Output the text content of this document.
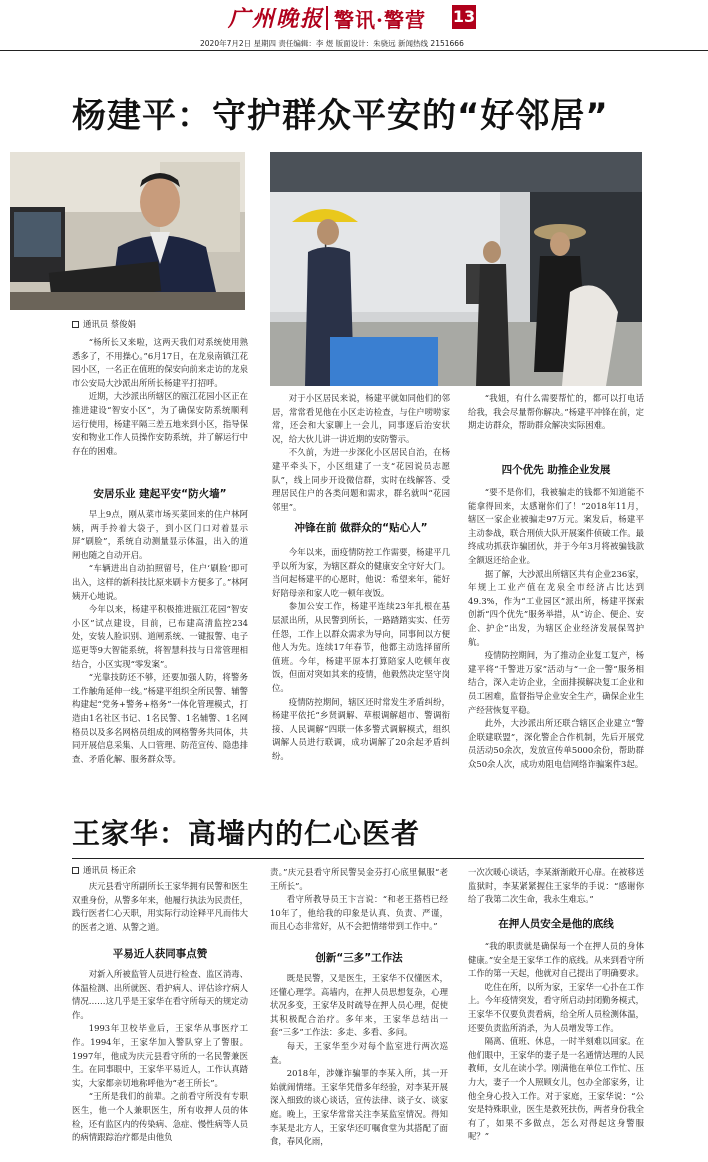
广州晚报 警讯·警营 13
2020年7月2日 星期四 责任编辑：李 煜 版面设计：朱骁远 新闻热线 2151666
杨建平：守护群众平安的“好邻居”
通讯员 蔡俊娟

“杨所长又来啦，这两天我们对系统使用熟悉多了，不用操心。”6月17日，在龙泉南镇江花园小区，一名正在值班的保安向前来走访的龙泉市公安局大沙派出所所长杨建平打招呼。

近期，大沙派出所辖区的瓯江花园小区正在推进建设“智安小区”，为了确保安防系统顺利运行使用，杨建平隔三差五地来到小区，指导保安和物业工作人员操作安防系统，并了解运行中存在的困难。

安居乐业 建起平安“防火墙”

早上9点，刚从菜市场买菜回来的住户林阿姨，两手拎着大袋子，到小区门口对着显示屏“刷脸”，系统自动测量显示体温，出入的道闸也随之自动开启。

“车辆进出自动拍照留号，住户‘刷脸’即可出入，这样的新科技比原来刷卡方便多了。”林阿姨开心地说。

今年以来，杨建平积极推进瓯江花园“智安小区”试点建设，目前，已布建高清监控234处，安装人脸识别、道闸系统、一键报警、电子巡更等9大智能系统，将智慧科技与日常管理相结合，小区实现“零发案”。

“光靠技防还不够，还要加强人防，将警务工作触角延伸一线。”杨建平组织全所民警、辅警构建起“党务+警务+格务”一体化管理模式，打造由1名社区书记、1名民警、1名辅警、1名网格员以及多名网格员组成的网格警务共同体，共同开展信息采集、人口管理、防范宣传、隐患排查、矛盾化解、服务群众等。

对于小区居民来说，杨建平就如同他们的邻居，常常看见他在小区走访检查，与住户唠唠家常，还会和大家聊上一会儿，同事逐后治安状况，给大伙儿讲一讲近期的安防警示。

不久前，为进一步深化小区居民自治，在杨建平牵头下，小区组建了一支“花园说员志愿队”，线上同步开设微信群，实时在线解答、受理居民住户的各类问题和需求，群名就叫“花园邻里”。

冲锋在前 做群众的“贴心人”

今年以来，面疫情防控工作需要，杨建平几乎以所为家，为辖区群众的健康安全守好大门。当问起杨建平的心愿时，他说：希望来年，能好好陪母亲和家人吃一顿年夜饭。

参加公安工作，杨建平连续23年扎根在基层派出所，从民警到所长，一路踏踏实实、任劳任怨，工作上以群众需求为导向，同事间以方便他人为先。连续17年春节，他都主动选择留所值班。今年，杨建平原本打算陪家人吃顿年夜饭，但面对突如其来的疫情，他毅然决定坚守岗位。

疫情防控期间，辖区还时常发生矛盾纠纷，杨建平依托“乡贤调解、草根调解超市、警调衔接、人民调解”四联一体多警式调解模式，组织调解人员进行联调，成功调解了20余起矛盾纠纷。

“我姐，有什么需要帮忙的，都可以打电话给我，我会尽量帮你解决。”杨建平冲锋在前，定期走访群众，帮助群众解决实际困难。

四个优先 助推企业发展

“要不是你们，我被骗走的钱都不知道能不能拿得回来，太感谢你们了！”2018年11月，辖区一家企业被骗走97万元。案发后，杨建平主动参战，联合刑侦大队开展案件侦破工作。最终成功抓获诈骗团伙，并于今年3月将被骗钱款全额返还给企业。

据了解，大沙派出所辖区共有企业236家，年规上工业产值在龙泉全市经济占比达到49.3%，作为“工业园区”派出所，杨建平探索创新“四个优先”服务举措，从“访企、便企、安企、护企”出发，为辖区企业经济发展保驾护航。

疫情防控期间，为了推动企业复工复产，杨建平将“千警进万家”活动与“一企一警”服务相结合，深入走访企业，全面排摸解决复工企业和员工困难，监督指导企业安全生产，确保企业生产经营恢复平稳。

此外，大沙派出所还联合辖区企业建立“警企联建联盟”，深化警企合作机制，先后开展党员活动50余次，发放宣传单5000余份，帮助群众50余人次，成功劝阻电信网络诈骗案件3起。

王家华：高墙内的仁心医者
通讯员 杨正余

庆元县看守所副所长王家华拥有民警和医生双重身份，从警多年来，他履行执法为民责任，践行医者仁心天职，用实际行动诠释平凡而伟大的医者之道、从警之道。

平易近人获同事点赞

对新入所被监管人员进行检查、监区消毒、体温检测、出所就医、看护病人、评估诊疗病人情况……这几乎是王家华在看守所每天的规定动作。

1993年卫校毕业后，王家华从事医疗工作。1994年，王家华加入警队穿上了警服。1997年，他成为庆元县看守所的一名民警兼医生。在同事眼中，王家华平易近人，工作认真踏实，大家都亲切地称呼他为“老王所长”。

“王所是我们的前辈。之前看守所没有专职医生，他一个人兼职医生，所有收押人员的体检，还有监区内的传染病、急症、慢性病等人员的病情跟踪治疗都是由他负

责。”庆元县看守所民警吴金芬打心底里佩服“老王所长”。

看守所教导员王卞言说：“和老王搭档已经10年了，他给我的印象是认真、负责、严谨，而且心态非常好，从不会把情绪带到工作中。”

创新“三多”工作法

既是民警，又是医生，王家华不仅懂医术，还懂心理学。高墙内，在押人员思想复杂，心理状况多变，王家华及时疏导在押人员心理，促使其积极配合治疗。多年来，王家华总结出一套“三多”工作法：多走、多看、多问。

每天，王家华至少对每个监室进行两次巡查。

2018年，涉嫌诈骗罪的李某入所，其一开始就闹情绪。王家华凭借多年经验，对李某开展深入细致的谈心谈话，宣传法律、谈子女、谈家庭。晚上，王家华常常关注李某监室情况。得知李某是北方人，王家华还叮嘱食堂为其搭配了面食，春风化雨，

一次次暖心谈话，李某渐渐敞开心扉。在被移送监狱时，李某紧紧握住王家华的手说：“感谢你给了我第二次生命，我永生难忘。”

在押人员安全是他的底线

“我的职责就是确保每一个在押人员的身体健康。”安全是王家华工作的底线。从来到看守所工作的第一天起，他就对自己提出了明确要求。

吃住在所，以所为家，王家华一心扑在工作上。今年疫情突发，看守所启动封闭勤务模式，王家华不仅要负责看病，给全所人员检测体温，还要负责监所消杀，为人员增发等工作。

隔离、值班、休息，一时半刻难以回家。在他们眼中，王家华的妻子是一名通情达理的人民教师，女儿在读小学。刚满他在单位工作忙、压力大，妻子一个人照顾女儿，包办全部家务，让他全身心投入工作。对于家庭，王家华说：“公安是特殊职业，医生是救死扶伤，两者身份我全有了，如果不多做点，怎么对得起这身警服呢？”
